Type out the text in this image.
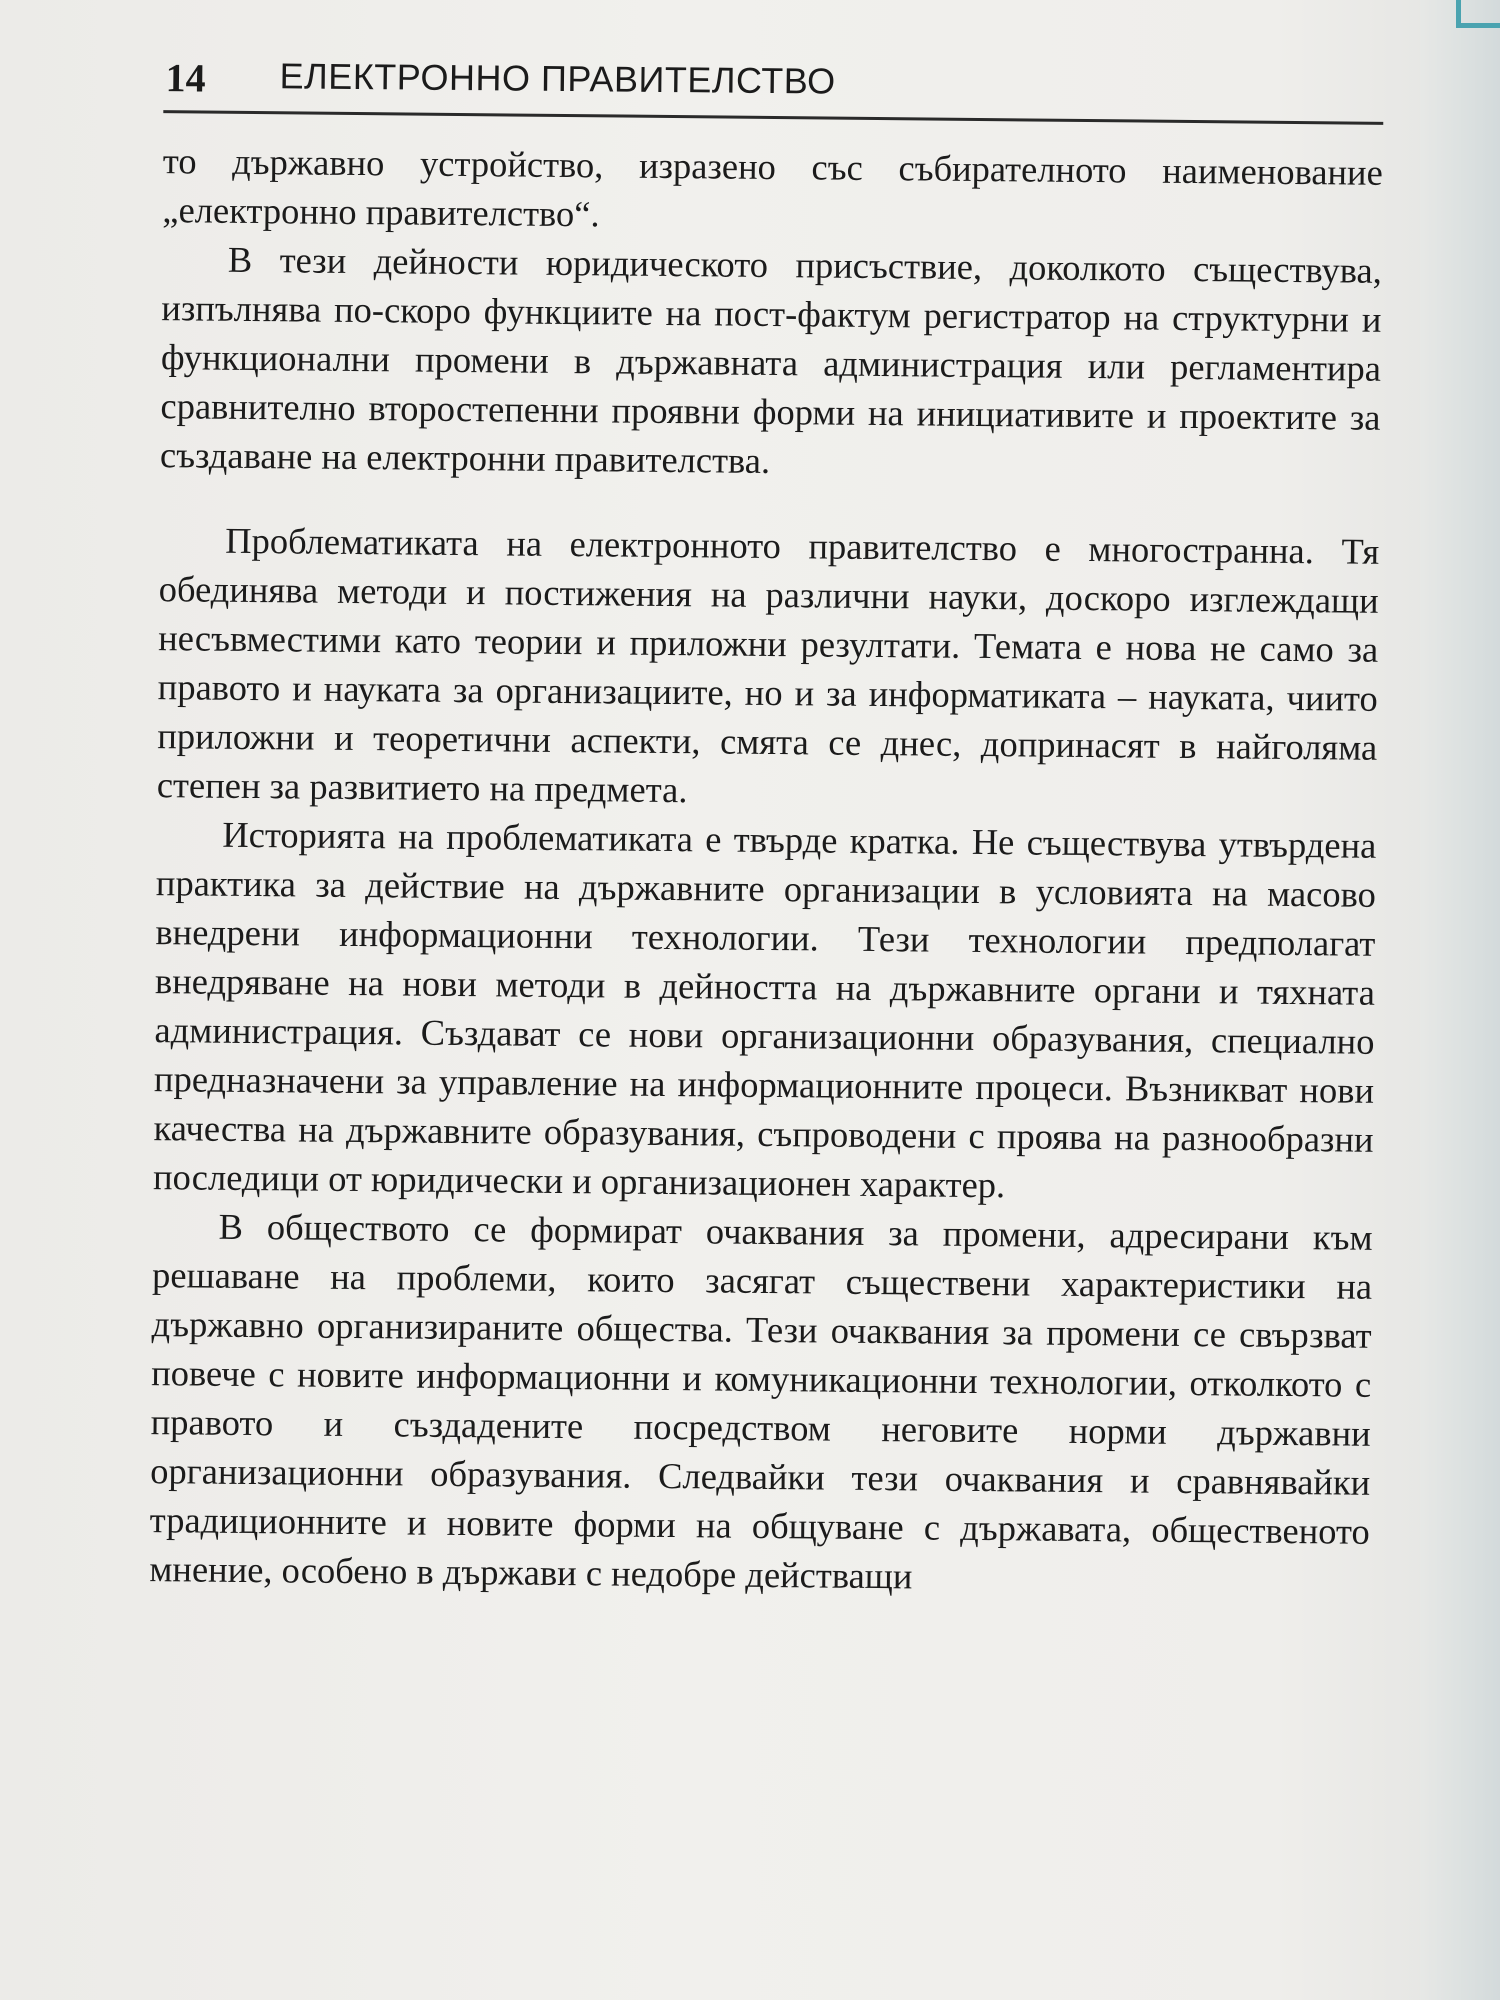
14 ЕЛЕКТРОННО ПРАВИТЕЛСТВО

то държавно устройство, изразено със събирателното наименование „електронно правителство“.

В тези дейности юридическото присъствие, доколкото съществува, изпълнява по-скоро функциите на пост-фактум регистратор на структурни и функционални промени в държавната администрация или регламентира сравнително второстепенни проявни форми на инициативите и проектите за създаване на електронни правителства.

Проблематиката на електронното правителство е многостранна. Тя обединява методи и постижения на различни науки, доскоро изглеждащи несъвместими като теории и приложни резултати. Темата е нова не само за правото и науката за организациите, но и за информатиката – науката, чиито приложни и теоретични аспекти, смята се днес, допринасят в найголяма степен за развитието на предмета.

Историята на проблематиката е твърде кратка. Не съществува утвърдена практика за действие на държавните организации в условията на масово внедрени информационни технологии. Тези технологии предполагат внедряване на нови методи в дейността на държавните органи и тяхната администрация. Създават се нови организационни образувания, специално предназначени за управление на информационните процеси. Възникват нови качества на държавните образувания, съпроводени с проява на разнообразни последици от юридически и организационен характер.

В обществото се формират очаквания за промени, адресирани към решаване на проблеми, които засягат съществени характеристики на държавно организираните общества. Тези очаквания за промени се свързват повече с новите информационни и комуникационни технологии, отколкото с правото и създадените посредством неговите норми държавни организационни образувания. Следвайки тези очаквания и сравнявайки традиционните и новите форми на общуване с държавата, общественото мнение, особено в държави с недобре действащи
